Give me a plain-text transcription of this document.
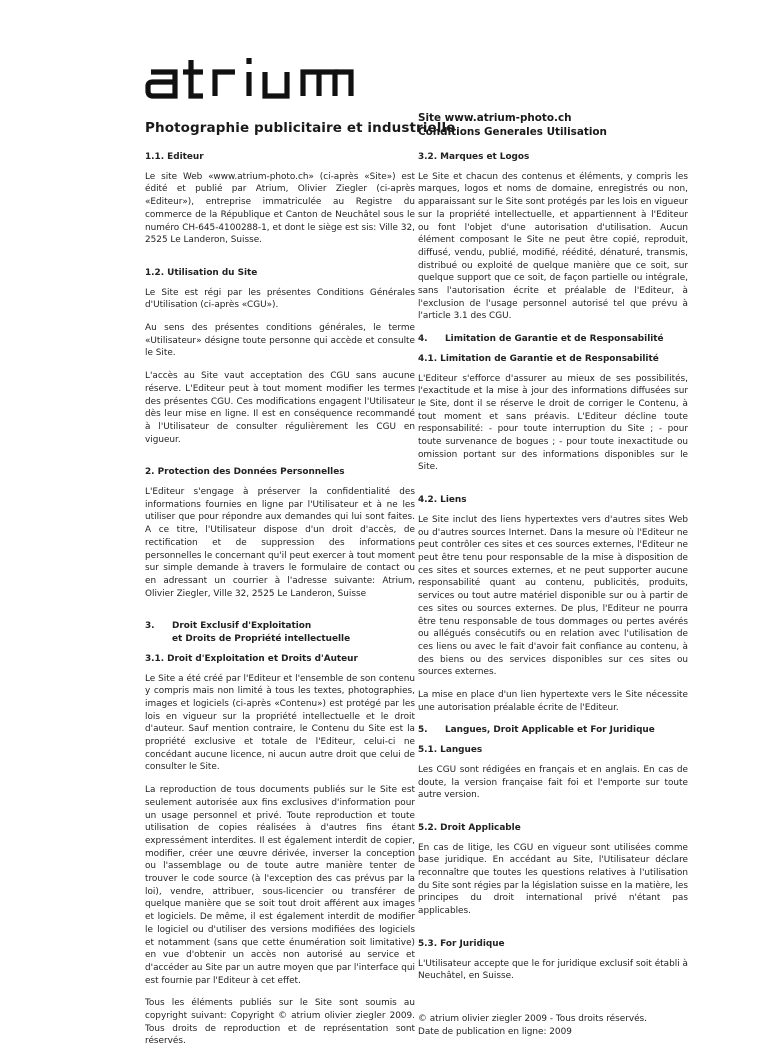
Photographie publicitaire et industrielle
Site www.atrium-photo.ch
Conditions Generales Utilisation
1.1. Editeur

Le site Web «www.atrium-photo.ch» (ci-après «Site») est édité et publié par Atrium, Olivier Ziegler (ci-après «Editeur»), entreprise immatriculée au Registre du commerce de la République et Canton de Neuchâtel sous le numéro CH-645-4100288-1, et dont le siège est sis: Ville 32, 2525 Le Landeron, Suisse.

1.2. Utilisation du Site

Le Site est régi par les présentes Conditions Générales d'Utilisation (ci-après «CGU»).

Au sens des présentes conditions générales, le terme «Utilisateur» désigne toute personne qui accède et consulte le Site.

L'accès au Site vaut acceptation des CGU sans aucune réserve. L'Editeur peut à tout moment modifier les termes des présentes CGU. Ces modifications engagent l'Utilisateur dès leur mise en ligne. Il est en conséquence recommandé à l'Utilisateur de consulter régulièrement les CGU en vigueur.

2. Protection des Données Personnelles

L'Editeur s'engage à préserver la confidentialité des informations fournies en ligne par l'Utilisateur et à ne les utiliser que pour répondre aux demandes qui lui sont faites. A ce titre, l'Utilisateur dispose d'un droit d'accès, de rectification et de suppression des informations personnelles le concernant qu'il peut exercer à tout moment sur simple demande à travers le formulaire de contact ou en adressant un courrier à l'adresse suivante: Atrium, Olivier Ziegler, Ville 32, 2525 Le Landeron, Suisse

3.	Droit Exclusif d'Exploitation
et Droits de Propriété intellectuelle
3.1. Droit d'Exploitation et Droits d'Auteur

Le Site a été créé par l'Editeur et l'ensemble de son contenu y compris mais non limité à tous les textes, photographies, images et logiciels (ci-après «Contenu») est protégé par les lois en vigueur sur la propriété intellectuelle et le droit d'auteur. Sauf mention contraire, le Contenu du Site est la propriété exclusive et totale de l'Editeur, celui-ci ne concédant aucune licence, ni aucun autre droit que celui de consulter le Site.

La reproduction de tous documents publiés sur le Site est seulement autorisée aux fins exclusives d'information pour un usage personnel et privé. Toute reproduction et toute utilisation de copies réalisées à d'autres fins étant expressément interdites. Il est également interdit de copier, modifier, créer une œuvre dérivée, inverser la conception ou l'assemblage ou de toute autre manière tenter de trouver le code source (à l'exception des cas prévus par la loi), vendre, attribuer, sous-licencier ou transférer de quelque manière que se soit tout droit afférent aux images et logiciels. De même, il est également interdit de modifier le logiciel ou d'utiliser des versions modifiées des logiciels et notamment (sans que cette énumération soit limitative) en vue d'obtenir un accès non autorisé au service et d'accéder au Site par un autre moyen que par l'interface qui est fournie par l'Editeur à cet effet.

Tous les éléments publiés sur le Site sont soumis au copyright suivant: Copyright © atrium olivier ziegler 2009. Tous droits de reproduction et de représentation sont réservés.

3.2. Marques et Logos

Le Site et chacun des contenus et éléments, y compris les marques, logos et noms de domaine, enregistrés ou non, apparaissant sur le Site sont protégés par les lois en vigueur sur la propriété intellectuelle, et appartiennent à l'Editeur ou font l'objet d'une autorisation d'utilisation. Aucun élément composant le Site ne peut être copié, reproduit, diffusé, vendu, publié, modifié, réédité, dénaturé, transmis, distribué ou exploité de quelque manière que ce soit, sur quelque support que ce soit, de façon partielle ou intégrale, sans l'autorisation écrite et préalable de l'Editeur, à l'exclusion de l'usage personnel autorisé tel que prévu à l'article 3.1 des CGU.

4.	Limitation de Garantie et de Responsabilité
4.1. Limitation de Garantie et de Responsabilité

L'Editeur s'efforce d'assurer au mieux de ses possibilités, l'exactitude et la mise à jour des informations diffusées sur le Site, dont il se réserve le droit de corriger le Contenu, à tout moment et sans préavis. L'Editeur décline toute responsabilité: - pour toute interruption du Site ; - pour toute survenance de bogues ; - pour toute inexactitude ou omission portant sur des informations disponibles sur le Site.

4.2. Liens

Le Site inclut des liens hypertextes vers d'autres sites Web ou d'autres sources Internet. Dans la mesure où l'Editeur ne peut contrôler ces sites et ces sources externes, l'Editeur ne peut être tenu pour responsable de la mise à disposition de ces sites et sources externes, et ne peut supporter aucune responsabilité quant au contenu, publicités, produits, services ou tout autre matériel disponible sur ou à partir de ces sites ou sources externes. De plus, l'Editeur ne pourra être tenu responsable de tous dommages ou pertes avérés ou allégués consécutifs ou en relation avec l'utilisation de ces liens ou avec le fait d'avoir fait confiance au contenu, à des biens ou des services disponibles sur ces sites ou sources externes.

La mise en place d'un lien hypertexte vers le Site nécessite une autorisation préalable écrite de l'Editeur.

5.	Langues, Droit Applicable et For Juridique
5.1. Langues

Les CGU sont rédigées en français et en anglais. En cas de doute, la version française fait foi et l'emporte sur toute autre version.

5.2. Droit Applicable

En cas de litige, les CGU en vigueur sont utilisées comme base juridique. En accédant au Site, l'Utilisateur déclare reconnaître que toutes les questions relatives à l'utilisation du Site sont régies par la législation suisse en la matière, les principes du droit international privé n'étant pas applicables.

5.3. For Juridique

L'Utilisateur accepte que le for juridique exclusif soit établi à Neuchâtel, en Suisse.

© atrium olivier ziegler 2009 - Tous droits réservés.
Date de publication en ligne: 2009
